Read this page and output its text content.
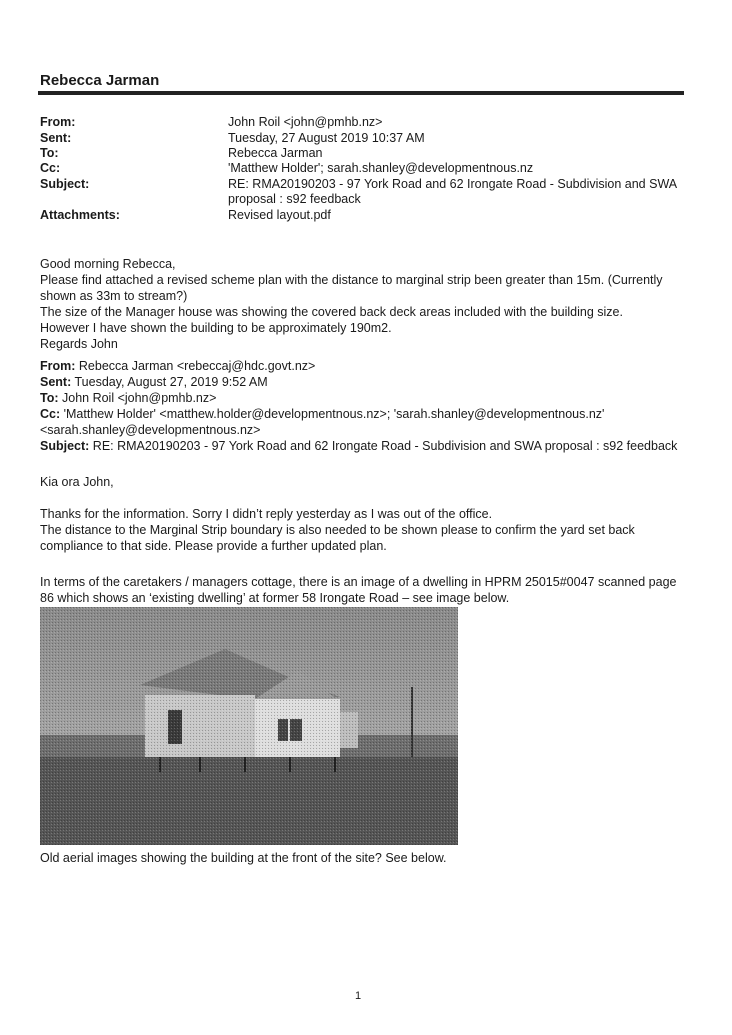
Rebecca Jarman
From:	John Roil <john@pmhb.nz>
Sent:	Tuesday, 27 August 2019 10:37 AM
To:	Rebecca Jarman
Cc:	'Matthew Holder'; sarah.shanley@developmentnous.nz
Subject:	RE: RMA20190203 - 97 York Road and 62 Irongate Road - Subdivision and SWA
proposal : s92 feedback
Attachments:	Revised layout.pdf
Good morning Rebecca,
Please find attached a revised scheme plan with the distance to marginal strip been greater than 15m. (Currently
shown as 33m to stream?)
The size of the Manager house was showing the covered back deck areas included with the building size.
However I have shown the building to be approximately 190m2.
Regards John
From: Rebecca Jarman <rebeccaj@hdc.govt.nz>
Sent: Tuesday, August 27, 2019 9:52 AM
To: John Roil <john@pmhb.nz>
Cc: 'Matthew Holder' <matthew.holder@developmentnous.nz>; 'sarah.shanley@developmentnous.nz'
<sarah.shanley@developmentnous.nz>
Subject: RE: RMA20190203 - 97 York Road and 62 Irongate Road - Subdivision and SWA proposal : s92 feedback
Kia ora John,
Thanks for the information. Sorry I didn’t reply yesterday as I was out of the office.
The distance to the Marginal Strip boundary is also needed to be shown please to confirm the yard set back
compliance to that side. Please provide a further updated plan.
In terms of the caretakers / managers cottage, there is an image of a dwelling in HPRM 25015#0047 scanned page
86 which shows an ‘existing dwelling’ at former 58 Irongate Road – see image below.
Old aerial images showing the building at the front of the site? See below.
1
